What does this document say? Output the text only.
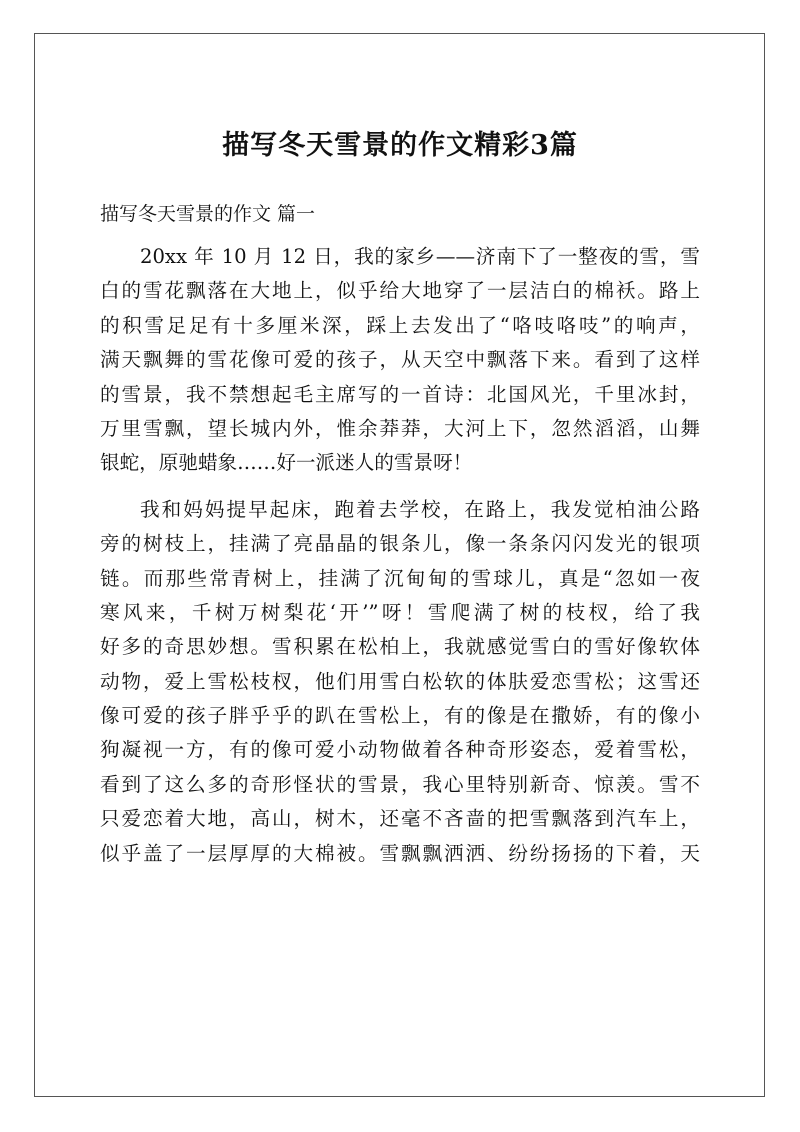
描写冬天雪景的作文精彩3篇
描写冬天雪景的作文 篇一
20xx 年 10 月 12 日，我的家乡——济南下了一整夜的雪，雪
白的雪花飘落在大地上，似乎给大地穿了一层洁白的棉袄。路上
的积雪足足有十多厘米深，踩上去发出了“咯吱咯吱”的响声，
满天飘舞的雪花像可爱的孩子，从天空中飘落下来。看到了这样
的雪景，我不禁想起毛主席写的一首诗：北国风光，千里冰封，
万里雪飘，望长城内外，惟余莽莽，大河上下，忽然滔滔，山舞
银蛇，原驰蜡象……好一派迷人的雪景呀！
我和妈妈提早起床，跑着去学校，在路上，我发觉柏油公路
旁的树枝上，挂满了亮晶晶的银条儿，像一条条闪闪发光的银项
链。而那些常青树上，挂满了沉甸甸的雪球儿，真是“忽如一夜
寒风来，千树万树梨花‘开’”呀！雪爬满了树的枝杈，给了我
好多的奇思妙想。雪积累在松柏上，我就感觉雪白的雪好像软体
动物，爱上雪松枝杈，他们用雪白松软的体肤爱恋雪松；这雪还
像可爱的孩子胖乎乎的趴在雪松上，有的像是在撒娇，有的像小
狗凝视一方，有的像可爱小动物做着各种奇形姿态，爱着雪松，
看到了这么多的奇形怪状的雪景，我心里特别新奇、惊羡。雪不
只爱恋着大地，高山，树木，还毫不吝啬的把雪飘落到汽车上，
似乎盖了一层厚厚的大棉被。雪飘飘洒洒、纷纷扬扬的下着，天
